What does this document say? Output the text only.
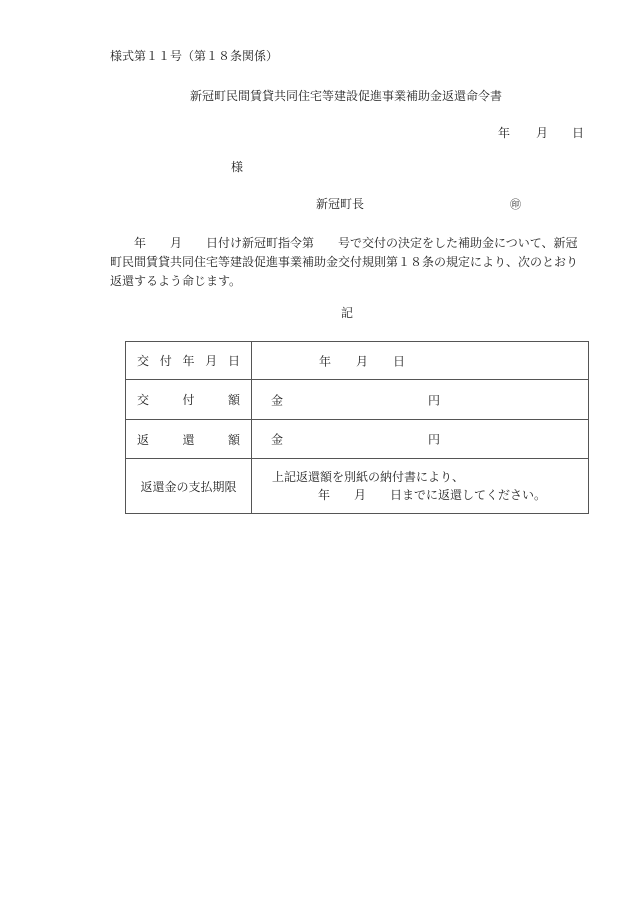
様式第１１号（第１８条関係）
新冠町民間賃貸共同住宅等建設促進事業補助金返還命令書
年 月 日
様
新冠町長	㊞
　　年　　月　　日付け新冠町指令第　　号で交付の決定をした補助金について、新冠
町民間賃貸共同住宅等建設促進事業補助金交付規則第１８条の規定により、次のとおり
返還するよう命じます。
記
交 付 年 月 日	年 月 日

交 付 額	金 円

返 還 額	金 円

返還金の支払期限	上記返還額を別紙の納付書により、
年　　月　　日までに返還してください。
